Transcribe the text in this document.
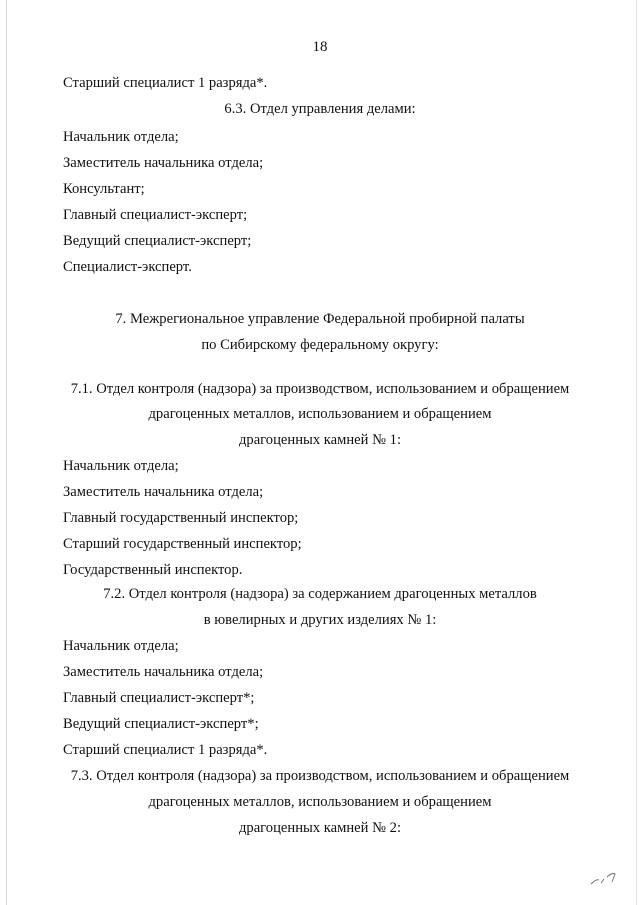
18
Старший специалист 1 разряда*.
6.3. Отдел управления делами:
Начальник отдела;
Заместитель начальника отдела;
Консультант;
Главный специалист-эксперт;
Ведущий специалист-эксперт;
Специалист-эксперт.
7. Межрегиональное управление Федеральной пробирной палаты
по Сибирскому федеральному округу:
7.1. Отдел контроля (надзора) за производством, использованием и обращением
драгоценных металлов, использованием и обращением
драгоценных камней № 1:
Начальник отдела;
Заместитель начальника отдела;
Главный государственный инспектор;
Старший государственный инспектор;
Государственный инспектор.
7.2. Отдел контроля (надзора) за содержанием драгоценных металлов
в ювелирных и других изделиях № 1:
Начальник отдела;
Заместитель начальника отдела;
Главный специалист-эксперт*;
Ведущий специалист-эксперт*;
Старший специалист 1 разряда*.
7.3. Отдел контроля (надзора) за производством, использованием и обращением
драгоценных металлов, использованием и обращением
драгоценных камней № 2:
